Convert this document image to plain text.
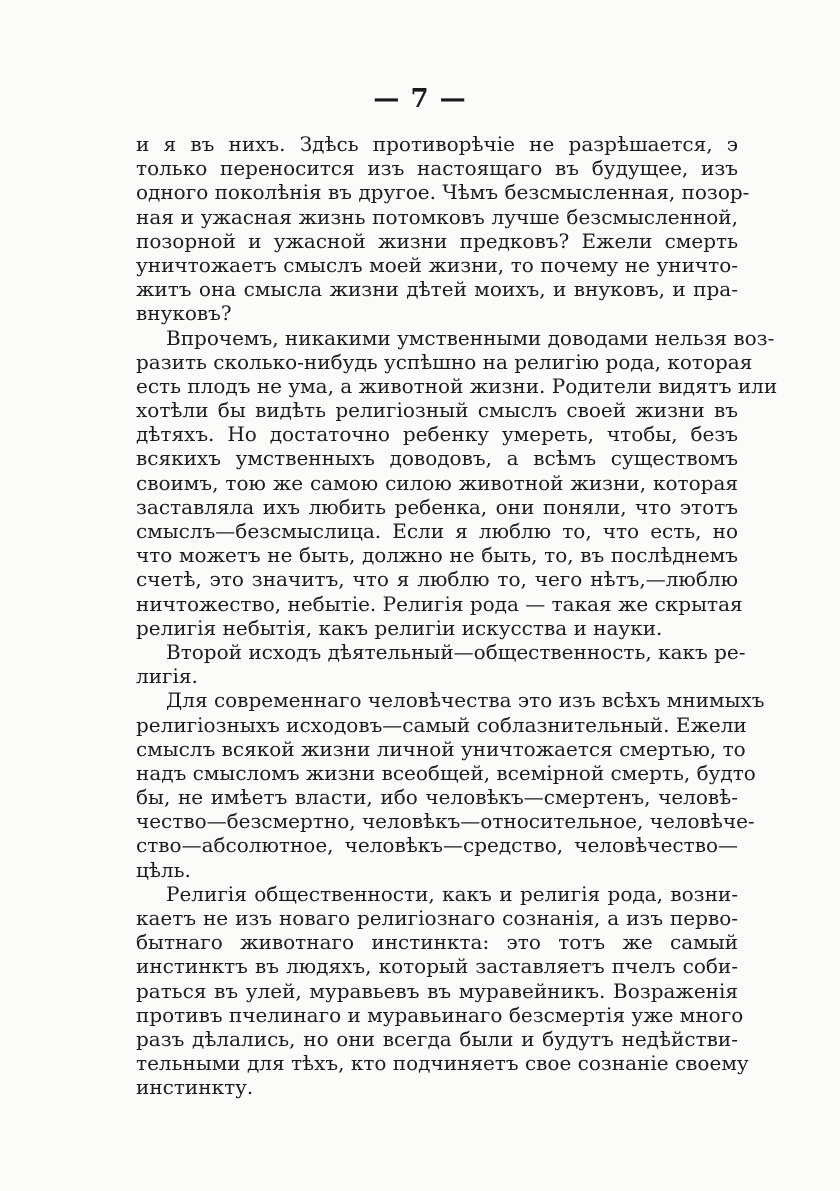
— 7 —
и я въ нихъ. Здѣсь противорѣчіе не разрѣшается, э
только переносится изъ настоящаго въ будущее, изъ
одного поколѣнія въ другое. Чѣмъ безсмысленная, позор-
ная и ужасная жизнь потомковъ лучше безсмысленной,
позорной и ужасной жизни предковъ? Ежели смерть
уничтожаетъ смыслъ моей жизни, то почему не уничто-
житъ она смысла жизни дѣтей моихъ, и внуковъ, и пра-
внуковъ?
Впрочемъ, никакими умственными доводами нельзя воз-
разить сколько-нибудь успѣшно на религію рода, которая
есть плодъ не ума, а животной жизни. Родители видятъ или
хотѣли бы видѣть религіозный смыслъ своей жизни въ
дѣтяхъ. Но достаточно ребенку умереть, чтобы, безъ
всякихъ умственныхъ доводовъ, а всѣмъ существомъ
своимъ, тою же самою силою животной жизни, которая
заставляла ихъ любить ребенка, они поняли, что этотъ
смыслъ—безсмыслица. Если я люблю то, что есть, но
что можетъ не быть, должно не быть, то, въ послѣднемъ
счетѣ, это значитъ, что я люблю то, чего нѣтъ,—люблю
ничтожество, небытіе. Религія рода — такая же скрытая
религія небытія, какъ религіи искусства и науки.
Второй исходъ дѣятельный—общественность, какъ ре-
лигія.
Для современнаго человѣчества это изъ всѣхъ мнимыхъ
религіозныхъ исходовъ—самый соблазнительный. Ежели
смыслъ всякой жизни личной уничтожается смертью, то
надъ смысломъ жизни всеобщей, всемірной смерть, будто
бы, не имѣетъ власти, ибо человѣкъ—смертенъ, человѣ-
чество—безсмертно, человѣкъ—относительное, человѣче-
ство—абсолютное, человѣкъ—средство, человѣчество—
цѣль.
Религія общественности, какъ и религія рода, возни-
каетъ не изъ новаго религіознаго сознанія, а изъ перво-
бытнаго животнаго инстинкта: это тотъ же самый
инстинктъ въ людяхъ, который заставляетъ пчелъ соби-
раться въ улей, муравьевъ въ муравейникъ. Возраженія
противъ пчелинаго и муравьинаго безсмертія уже много
разъ дѣлались, но они всегда были и будутъ недѣйстви-
тельными для тѣхъ, кто подчиняетъ свое сознаніе своему
инстинкту.
